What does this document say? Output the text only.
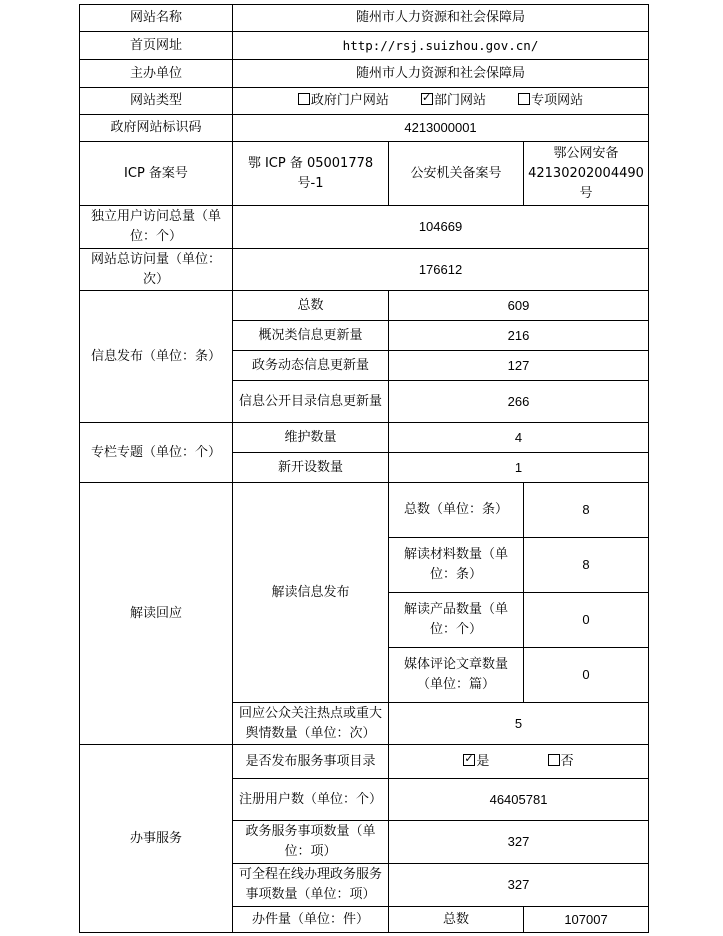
网站名称	随州市人力资源和社会保障局		
首页网址	http://rsj.suizhou.gov.cn/		
主办单位	随州市人力资源和社会保障局		
网站类型	政府门户网站 ✓ 部门网站 专项网站
政府网站标识码	4213000001		
ICP 备案号	鄂 ICP 备 05001778 号-1	公安机关备案号	鄂公网安备 42130202004490 号
独立用户访问总量（单位：个）	104669		
网站总访问量（单位：次）	176612		
信息发布（单位：条）	总数	609	
	概况类信息更新量	216	
	政务动态信息更新量	127	
	信息公开目录信息更新量	266	
专栏专题（单位：个）	维护数量	4	
	新开设数量	1	
解读回应	解读信息发布	总数（单位：条）	8
		解读材料数量（单位：条）	8
		解读产品数量（单位：个）	0
		媒体评论文章数量（单位：篇）	0
	回应公众关注热点或重大舆情数量（单位：次）	5	
办事服务	是否发布服务事项目录	✓是 否
	注册用户数（单位：个）	46405781	
	政务服务事项数量（单位：项）	327	
	可全程在线办理政务服务事项数量（单位：项）	327	
	办件量（单位：件）	总数	107007
